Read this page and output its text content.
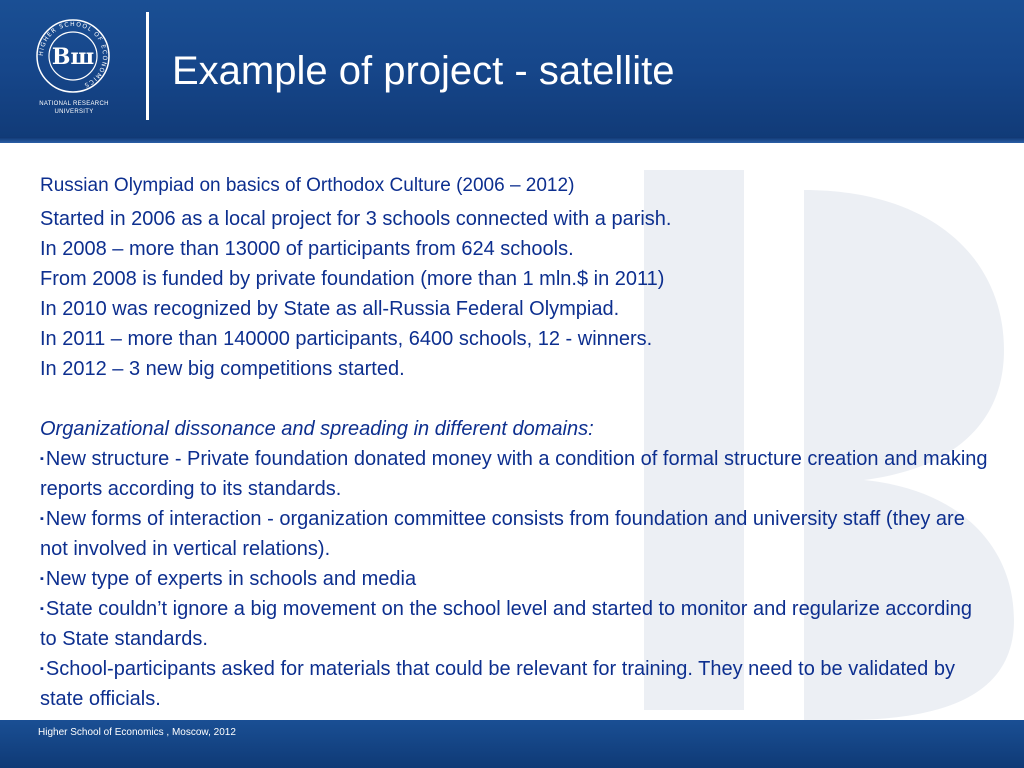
HIGHER SCHOOL OF ECONOMICS
Вш
NATIONAL RESEARCH
UNIVERSITY
Example of project - satellite
Russian Olympiad on basics of Orthodox Culture (2006 – 2012)
Started in 2006 as a local project for 3 schools connected with a parish.
In 2008 – more than 13000 of participants from 624 schools.
From 2008 is funded by private foundation (more than 1 mln.$ in 2011)
In 2010 was recognized by State as all-Russia Federal Olympiad.
In 2011 – more than 140000 participants, 6400 schools, 12 - winners.
In 2012 – 3 new big competitions started.
Organizational dissonance and spreading in different domains:
▪ New structure - Private foundation donated money with a condition of formal structure creation and making reports according to its standards.
▪ New forms of interaction - organization committee consists from foundation and university staff (they are not involved in vertical relations).
▪ New type of experts in schools and media
▪ State couldn’t ignore a big movement on the school level and started to monitor and regularize according to State standards.
▪ School-participants asked for materials that could be relevant for training. They need to be validated by state officials.
Higher School of Economics , Moscow, 2012
